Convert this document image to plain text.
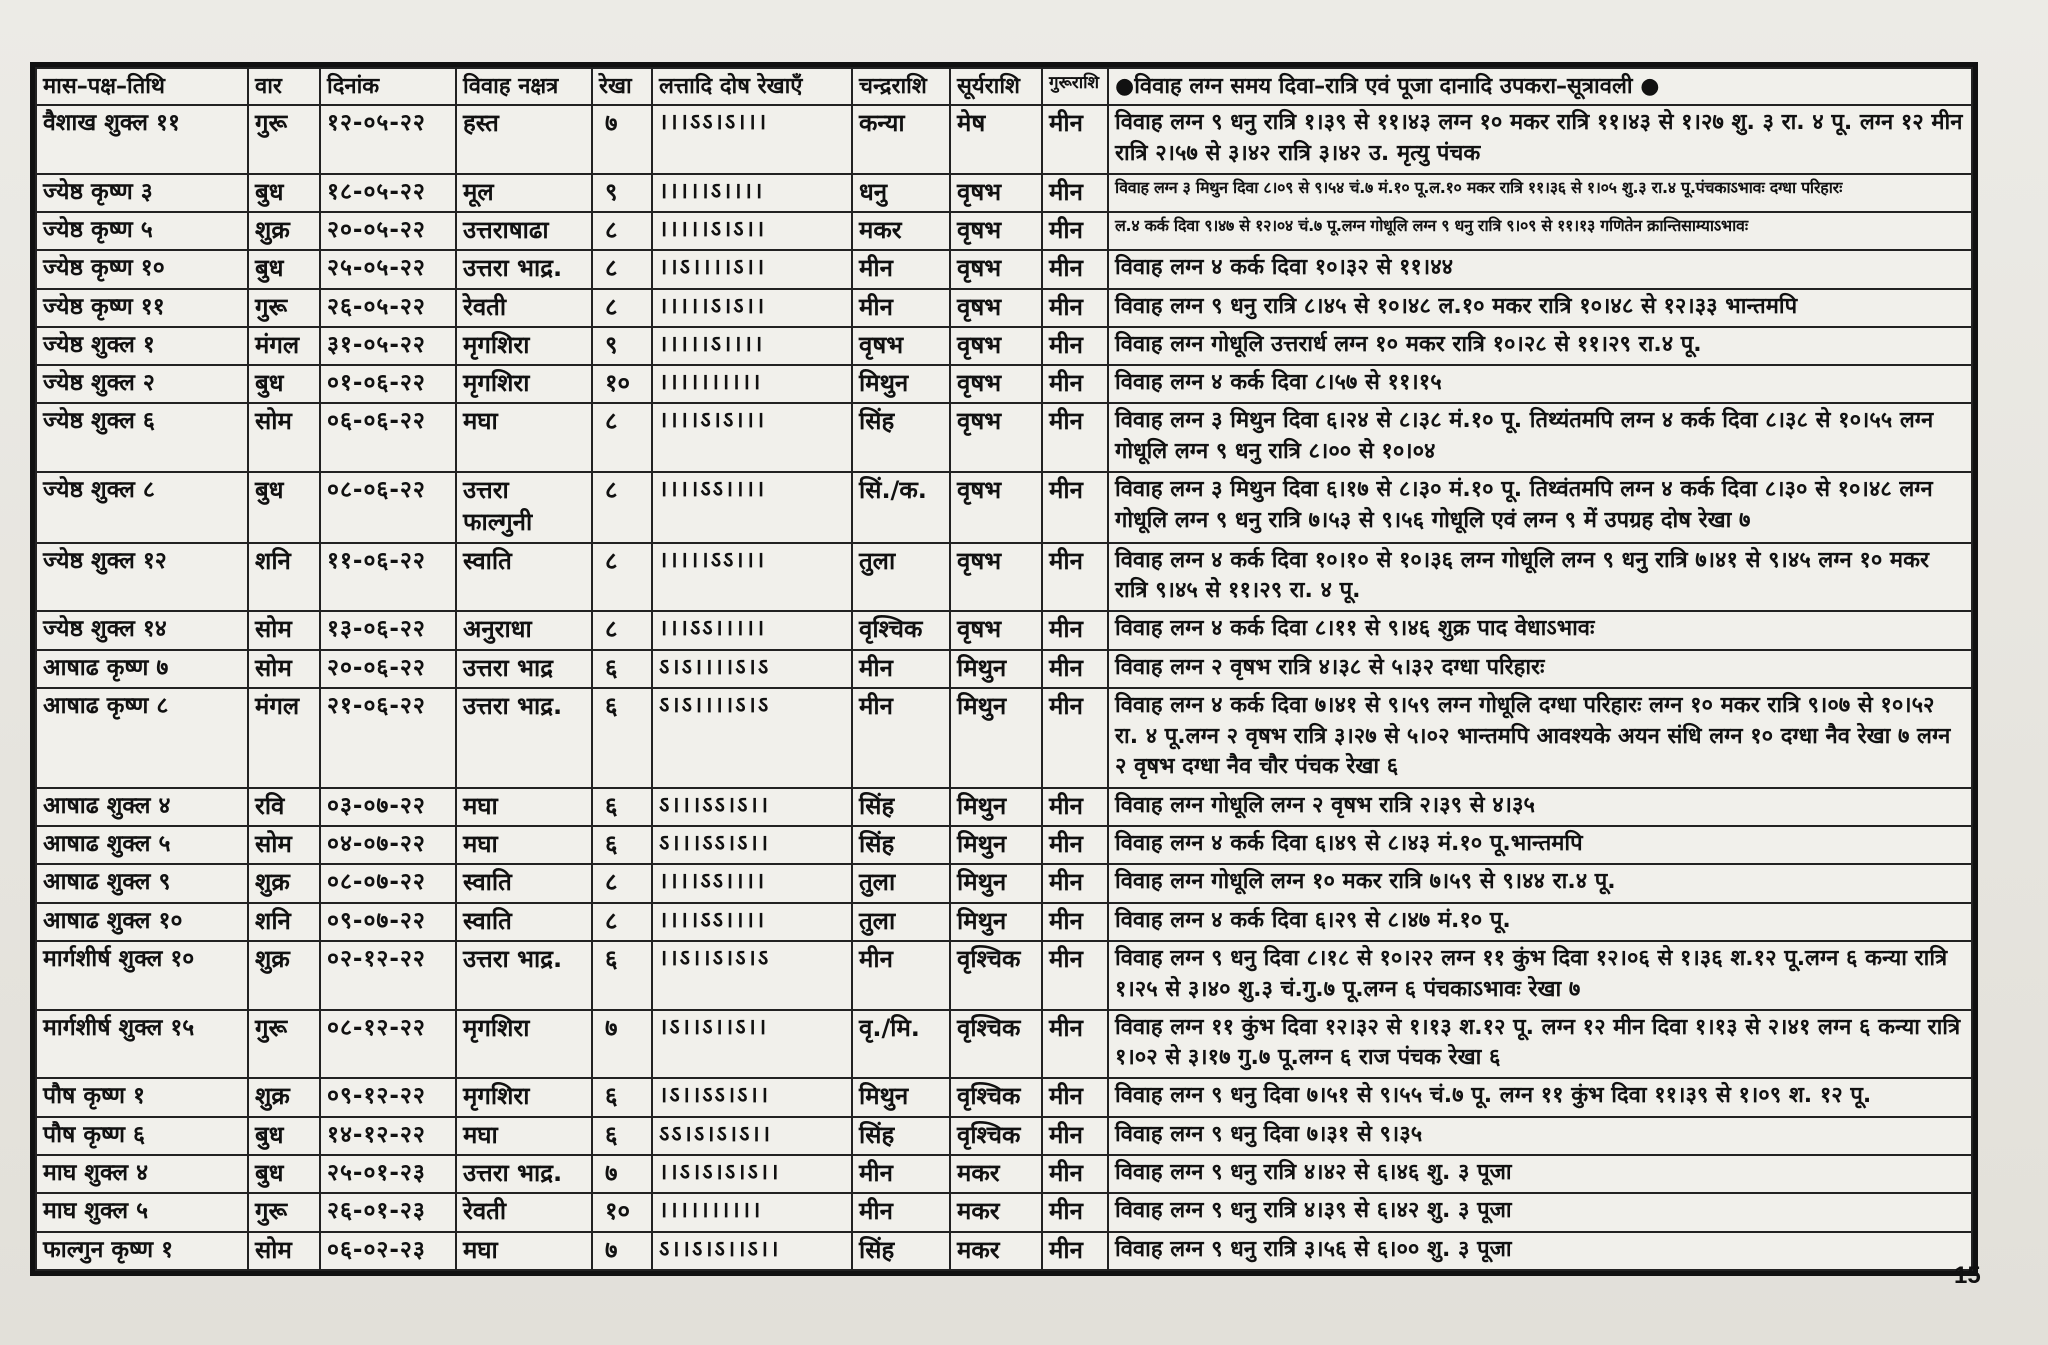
मास–पक्ष–तिथि	वार	दिनांक	विवाह नक्षत्र	रेखा	लत्तादि दोष रेखाएँ	चन्द्रराशि	सूर्यराशि	गुरूराशि	●विवाह लग्न समय दिवा–रात्रि एवं पूजा दानादि उपकरा–सूत्रावली ●
वैशाख शुक्ल ११	गुरू	१२-०५-२२	हस्त	७	।।।ऽऽ।ऽ।।।	कन्या	मेष	मीन	विवाह लग्न ९ धनु रात्रि १।३९ से ११।४३ लग्न १० मकर रात्रि ११।४३ से १।२७ शु. ३ रा. ४ पू. लग्न १२ मीन रात्रि २।५७ से ३।४२ रात्रि ३।४२ उ. मृत्यु पंचक
ज्येष्ठ कृष्ण ३	बुध	१८-०५-२२	मूल	९	।।।।।ऽ।।।।	धनु	वृषभ	मीन	विवाह लग्न ३ मिथुन दिवा ८।०९ से ९।५४ चं.७ मं.१० पू.ल.१० मकर रात्रि ११।३६ से १।०५ शु.३ रा.४ पू.पंचकाऽभावः दग्धा परिहारः
ज्येष्ठ कृष्ण ५	शुक्र	२०-०५-२२	उत्तराषाढा	८	।।।।।ऽ।ऽ।।	मकर	वृषभ	मीन	ल.४ कर्क दिवा ९।४७ से १२।०४ चं.७ पू.लग्न गोधूलि लग्न ९ धनु रात्रि ९।०९ से ११।१३ गणितेन क्रान्तिसाम्याऽभावः
ज्येष्ठ कृष्ण १०	बुध	२५-०५-२२	उत्तरा भाद्र.	८	।।ऽ।।।।ऽ।।	मीन	वृषभ	मीन	विवाह लग्न ४ कर्क दिवा १०।३२ से ११।४४
ज्येष्ठ कृष्ण ११	गुरू	२६-०५-२२	रेवती	८	।।।।।ऽ।ऽ।।	मीन	वृषभ	मीन	विवाह लग्न ९ धनु रात्रि ८।४५ से १०।४८ ल.१० मकर रात्रि १०।४८ से १२।३३ भान्तमपि
ज्येष्ठ शुक्ल १	मंगल	३१-०५-२२	मृगशिरा	९	।।।।।ऽ।।।।	वृषभ	वृषभ	मीन	विवाह लग्न गोधूलि उत्तरार्ध लग्न १० मकर रात्रि १०।२८ से ११।२९ रा.४ पू.
ज्येष्ठ शुक्ल २	बुध	०१-०६-२२	मृगशिरा	१०	।।।।।।।।।।	मिथुन	वृषभ	मीन	विवाह लग्न ४ कर्क दिवा ८।५७ से ११।१५
ज्येष्ठ शुक्ल ६	सोम	०६-०६-२२	मघा	८	।।।।ऽ।ऽ।।।	सिंह	वृषभ	मीन	विवाह लग्न ३ मिथुन दिवा ६।२४ से ८।३८ मं.१० पू. तिथ्यंतमपि लग्न ४ कर्क दिवा ८।३८ से १०।५५ लग्न गोधूलि लग्न ९ धनु रात्रि ८।०० से १०।०४
ज्येष्ठ शुक्ल ८	बुध	०८-०६-२२	उत्तरा फाल्गुनी	८	।।।।ऽऽ।।।।	सिं./क.	वृषभ	मीन	विवाह लग्न ३ मिथुन दिवा ६।१७ से ८।३० मं.१० पू. तिथ्वंतमपि लग्न ४ कर्क दिवा ८।३० से १०।४८ लग्न गोधूलि लग्न ९ धनु रात्रि ७।५३ से ९।५६ गोधूलि एवं लग्न ९ में उपग्रह दोष रेखा ७
ज्येष्ठ शुक्ल १२	शनि	११-०६-२२	स्वाति	८	।।।।।ऽऽ।।।	तुला	वृषभ	मीन	विवाह लग्न ४ कर्क दिवा १०।१० से १०।३६ लग्न गोधूलि लग्न ९ धनु रात्रि ७।४१ से ९।४५ लग्न १० मकर रात्रि ९।४५ से ११।२९ रा. ४ पू.
ज्येष्ठ शुक्ल १४	सोम	१३-०६-२२	अनुराधा	८	।।।ऽऽ।।।।।	वृश्चिक	वृषभ	मीन	विवाह लग्न ४ कर्क दिवा ८।११ से ९।४६ शुक्र पाद वेधाऽभावः
आषाढ कृष्ण ७	सोम	२०-०६-२२	उत्तरा भाद्र	६	ऽ।ऽ।।।।ऽ।ऽ	मीन	मिथुन	मीन	विवाह लग्न २ वृषभ रात्रि ४।३८ से ५।३२ दग्धा परिहारः
आषाढ कृष्ण ८	मंगल	२१-०६-२२	उत्तरा भाद्र.	६	ऽ।ऽ।।।।ऽ।ऽ	मीन	मिथुन	मीन	विवाह लग्न ४ कर्क दिवा ७।४१ से ९।५९ लग्न गोधूलि दग्धा परिहारः लग्न १० मकर रात्रि ९।०७ से १०।५२ रा. ४ पू.लग्न २ वृषभ रात्रि ३।२७ से ५।०२ भान्तमपि आवश्यके अयन संधि लग्न १० दग्धा नैव रेखा ७ लग्न २ वृषभ दग्धा नैव चौर पंचक रेखा ६
आषाढ शुक्ल ४	रवि	०३-०७-२२	मघा	६	ऽ।।।ऽऽ।ऽ।।	सिंह	मिथुन	मीन	विवाह लग्न गोधूलि लग्न २ वृषभ रात्रि २।३९ से ४।३५
आषाढ शुक्ल ५	सोम	०४-०७-२२	मघा	६	ऽ।।।ऽऽ।ऽ।।	सिंह	मिथुन	मीन	विवाह लग्न ४ कर्क दिवा ६।४९ से ८।४३ मं.१० पू.भान्तमपि
आषाढ शुक्ल ९	शुक्र	०८-०७-२२	स्वाति	८	।।।।ऽऽ।।।।	तुला	मिथुन	मीन	विवाह लग्न गोधूलि लग्न १० मकर रात्रि ७।५९ से ९।४४ रा.४ पू.
आषाढ शुक्ल १०	शनि	०९-०७-२२	स्वाति	८	।।।।ऽऽ।।।।	तुला	मिथुन	मीन	विवाह लग्न ४ कर्क दिवा ६।२९ से ८।४७ मं.१० पू.
मार्गशीर्ष शुक्ल १०	शुक्र	०२-१२-२२	उत्तरा भाद्र.	६	।।ऽ।।ऽ।ऽ।ऽ	मीन	वृश्चिक	मीन	विवाह लग्न ९ धनु दिवा ८।१८ से १०।२२ लग्न ११ कुंभ दिवा १२।०६ से १।३६ श.१२ पू.लग्न ६ कन्या रात्रि १।२५ से ३।४० शु.३ चं.गु.७ पू.लग्न ६ पंचकाऽभावः रेखा ७
मार्गशीर्ष शुक्ल १५	गुरू	०८-१२-२२	मृगशिरा	७	।ऽ।।ऽ।।ऽ।।	वृ./मि.	वृश्चिक	मीन	विवाह लग्न ११ कुंभ दिवा १२।३२ से १।१३ श.१२ पू. लग्न १२ मीन दिवा १।१३ से २।४१ लग्न ६ कन्या रात्रि १।०२ से ३।१७ गु.७ पू.लग्न ६ राज पंचक रेखा ६
पौष कृष्ण १	शुक्र	०९-१२-२२	मृगशिरा	६	।ऽ।।ऽऽ।ऽ।।	मिथुन	वृश्चिक	मीन	विवाह लग्न ९ धनु दिवा ७।५१ से ९।५५ चं.७ पू. लग्न ११ कुंभ दिवा ११।३९ से १।०९ श. १२ पू.
पौष कृष्ण ६	बुध	१४-१२-२२	मघा	६	ऽऽ।ऽ।ऽ।ऽ।।	सिंह	वृश्चिक	मीन	विवाह लग्न ९ धनु दिवा ७।३१ से ९।३५
माघ शुक्ल ४	बुध	२५-०१-२३	उत्तरा भाद्र.	७	।।ऽ।ऽ।ऽ।ऽ।।	मीन	मकर	मीन	विवाह लग्न ९ धनु रात्रि ४।४२ से ६।४६ शु. ३ पूजा
माघ शुक्ल ५	गुरू	२६-०१-२३	रेवती	१०	।।।।।।।।।।	मीन	मकर	मीन	विवाह लग्न ९ धनु रात्रि ४।३९ से ६।४२ शु. ३ पूजा
फाल्गुन कृष्ण १	सोम	०६-०२-२३	मघा	७	ऽ।।ऽ।ऽ।।ऽ।।	सिंह	मकर	मीन	विवाह लग्न ९ धनु रात्रि ३।५६ से ६।०० शु. ३ पूजा
15
